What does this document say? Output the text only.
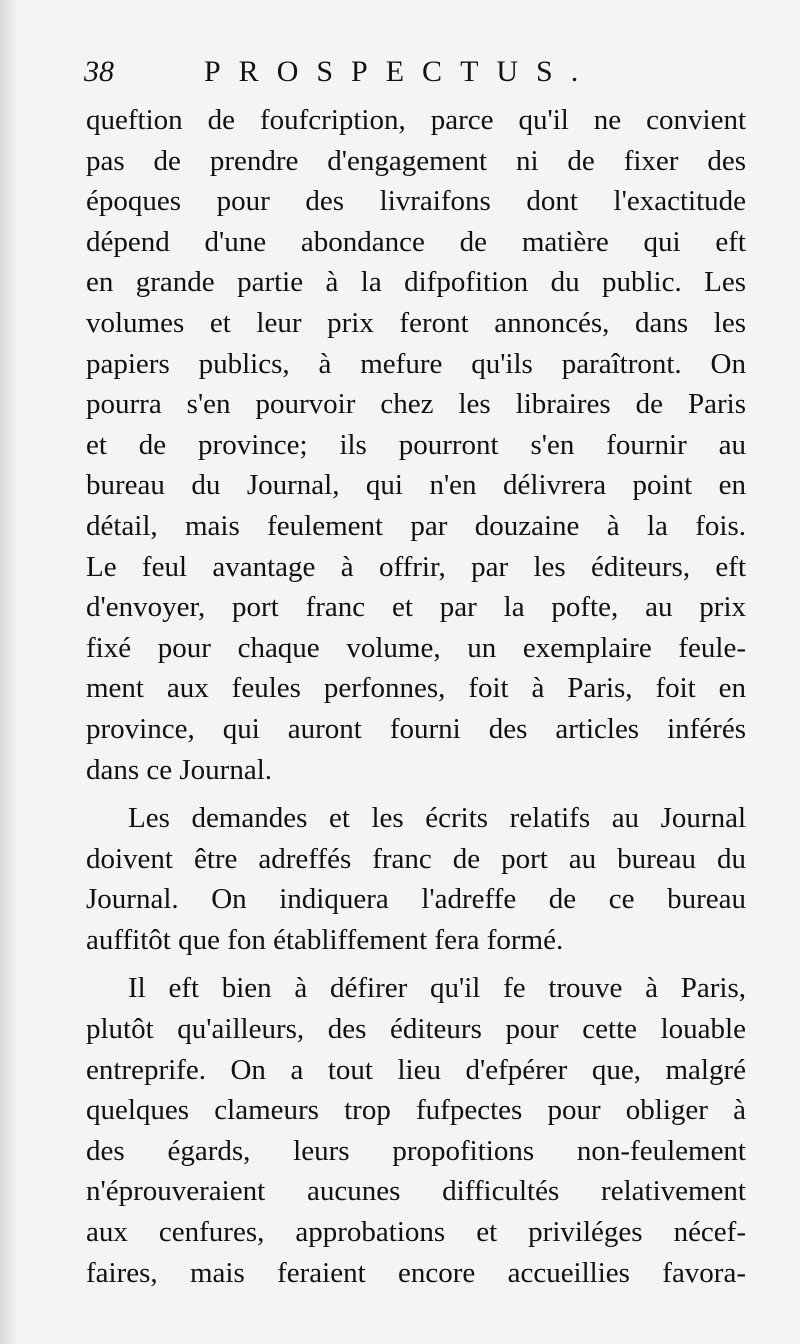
38	PROSPECTUS.
queftion de foufcription, parce qu'il ne convient
pas de prendre d'engagement ni de fixer des
époques pour des livraifons dont l'exactitude
dépend d'une abondance de matière qui eft
en grande partie à la difpofition du public. Les
volumes et leur prix feront annoncés, dans les
papiers publics, à mefure qu'ils paraîtront. On
pourra s'en pourvoir chez les libraires de Paris
et de province; ils pourront s'en fournir au
bureau du Journal, qui n'en délivrera point en
détail, mais feulement par douzaine à la fois.
Le feul avantage à offrir, par les éditeurs, eft
d'envoyer, port franc et par la pofte, au prix
fixé pour chaque volume, un exemplaire feule-
ment aux feules perfonnes, foit à Paris, foit en
province, qui auront fourni des articles inférés
dans ce Journal.
Les demandes et les écrits relatifs au Journal
doivent être adreffés franc de port au bureau du
Journal. On indiquera l'adreffe de ce bureau
auffitôt que fon établiffement fera formé.
Il eft bien à défirer qu'il fe trouve à Paris,
plutôt qu'ailleurs, des éditeurs pour cette louable
entreprife. On a tout lieu d'efpérer que, malgré
quelques clameurs trop fufpectes pour obliger à
des égards, leurs propofitions non-feulement
n'éprouveraient aucunes difficultés relativement
aux cenfures, approbations et priviléges nécef-
faires, mais feraient encore accueillies favora-
